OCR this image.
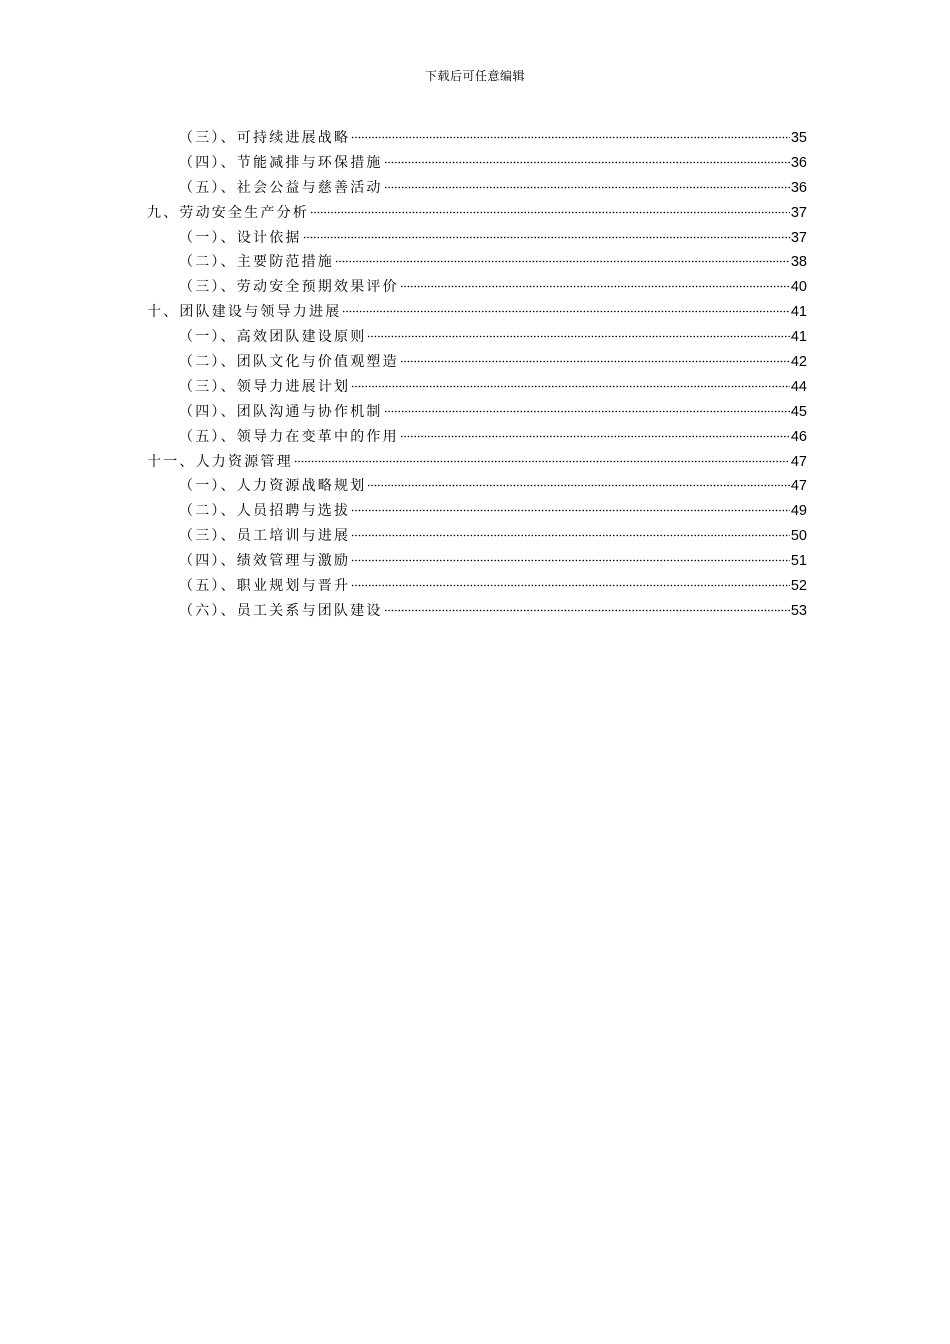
下载后可任意编辑
（三）、可持续进展战略	35
（四）、节能减排与环保措施	36
（五）、社会公益与慈善活动	36
九、劳动安全生产分析	37
（一）、设计依据	37
（二）、主要防范措施	38
（三）、劳动安全预期效果评价	40
十、团队建设与领导力进展	41
（一）、高效团队建设原则	41
（二）、团队文化与价值观塑造	42
（三）、领导力进展计划	44
（四）、团队沟通与协作机制	45
（五）、领导力在变革中的作用	46
十一、人力资源管理	47
（一）、人力资源战略规划	47
（二）、人员招聘与选拔	49
（三）、员工培训与进展	50
（四）、绩效管理与激励	51
（五）、职业规划与晋升	52
（六）、员工关系与团队建设	53
